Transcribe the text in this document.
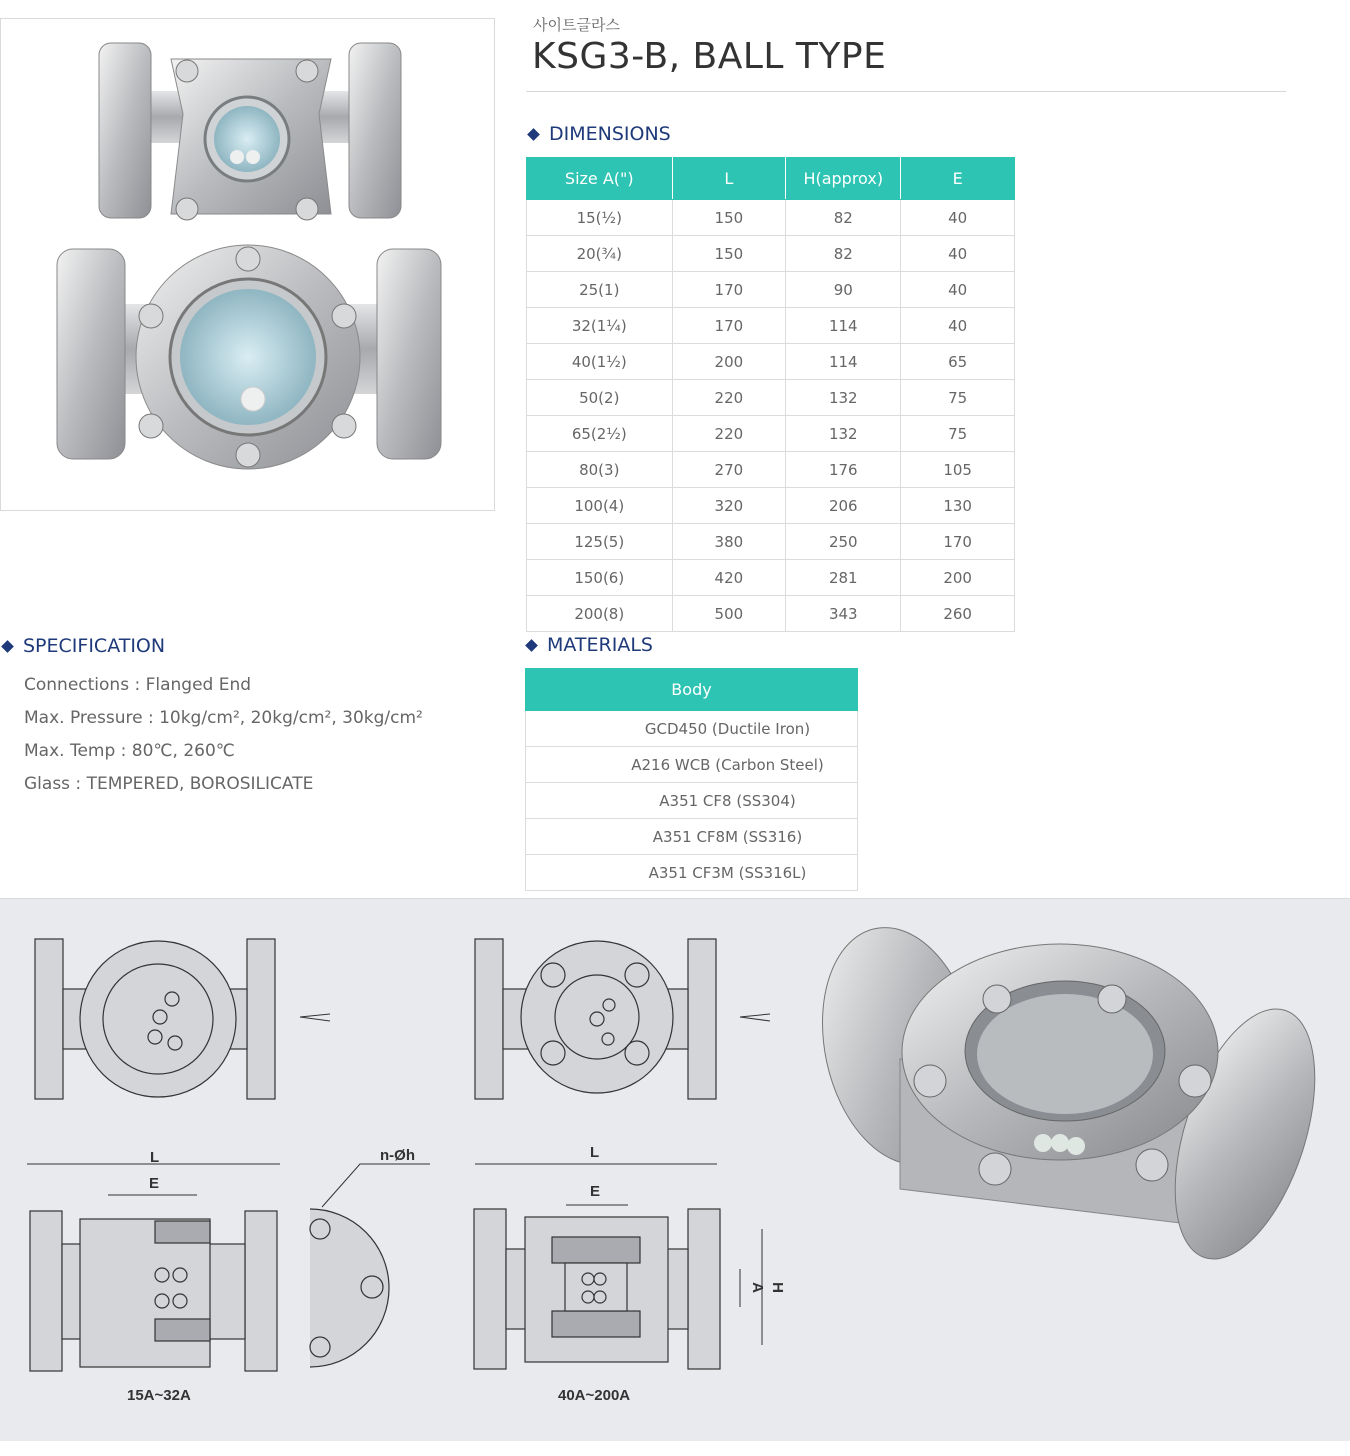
사이트글라스
KSG3-B, BALL TYPE
DIMENSIONS
Size A(")	L	H(approx)	E
15(½)	150	82	40
20(¾)	150	82	40
25(1)	170	90	40
32(1¼)	170	114	40
40(1½)	200	114	65
50(2)	220	132	75
65(2½)	220	132	75
80(3)	270	176	105
100(4)	320	206	130
125(5)	380	250	170
150(6)	420	281	200
200(8)	500	343	260
SPECIFICATION
Connections : Flanged End
Max. Pressure : 10kg/cm², 20kg/cm², 30kg/cm²
Max. Temp : 80℃, 260℃
Glass : TEMPERED, BOROSILICATE
MATERIALS
Body
GCD450 (Ductile Iron)
A216 WCB (Carbon Steel)
A351 CF8 (SS304)
A351 CF8M (SS316)
A351 CF3M (SS316L)
L
E
n-Øh	L
E
A H
15A~32A	40A~200A
